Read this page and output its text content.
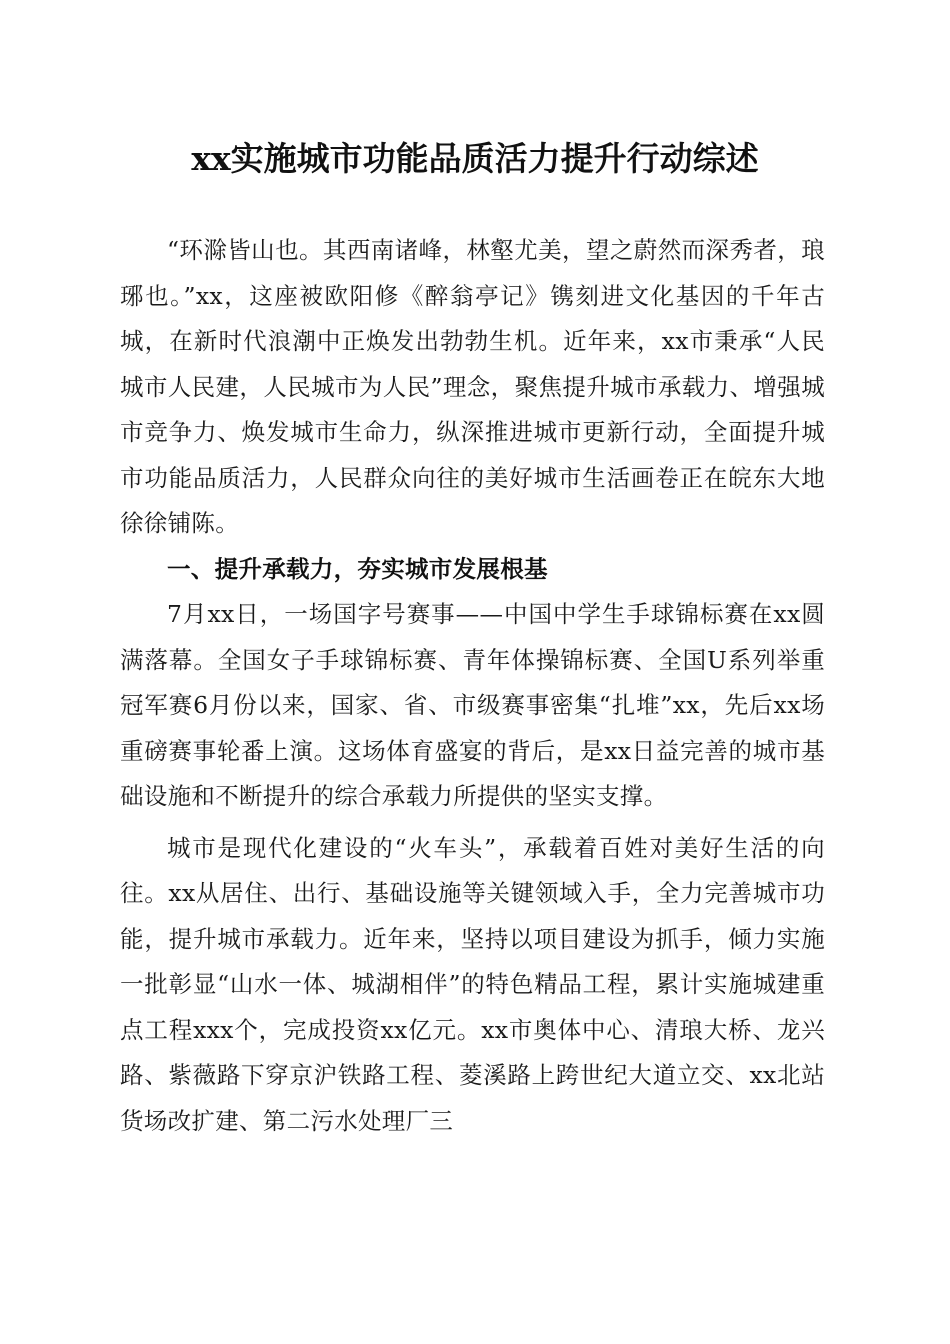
xx实施城市功能品质活力提升行动综述

“环滁皆山也。其西南诸峰，林壑尤美，望之蔚然而深秀者，琅琊也。”xx，这座被欧阳修《醉翁亭记》镌刻进文化基因的千年古城，在新时代浪潮中正焕发出勃勃生机。近年来，xx市秉承“人民城市人民建，人民城市为人民”理念，聚焦提升城市承载力、增强城市竞争力、焕发城市生命力，纵深推进城市更新行动，全面提升城市功能品质活力，人民群众向往的美好城市生活画卷正在皖东大地徐徐铺陈。

一、提升承载力，夯实城市发展根基

7月xx日，一场国字号赛事——中国中学生手球锦标赛在xx圆满落幕。全国女子手球锦标赛、青年体操锦标赛、全国U系列举重冠军赛6月份以来，国家、省、市级赛事密集“扎堆”xx，先后xx场重磅赛事轮番上演。这场体育盛宴的背后，是xx日益完善的城市基础设施和不断提升的综合承载力所提供的坚实支撑。

城市是现代化建设的“火车头”，承载着百姓对美好生活的向往。xx从居住、出行、基础设施等关键领域入手，全力完善城市功能，提升城市承载力。近年来，坚持以项目建设为抓手，倾力实施一批彰显“山水一体、城湖相伴”的特色精品工程，累计实施城建重点工程xxx个，完成投资xx亿元。xx市奥体中心、清琅大桥、龙兴路、紫薇路下穿京沪铁路工程、菱溪路上跨世纪大道立交、xx北站货场改扩建、第二污水处理厂三
